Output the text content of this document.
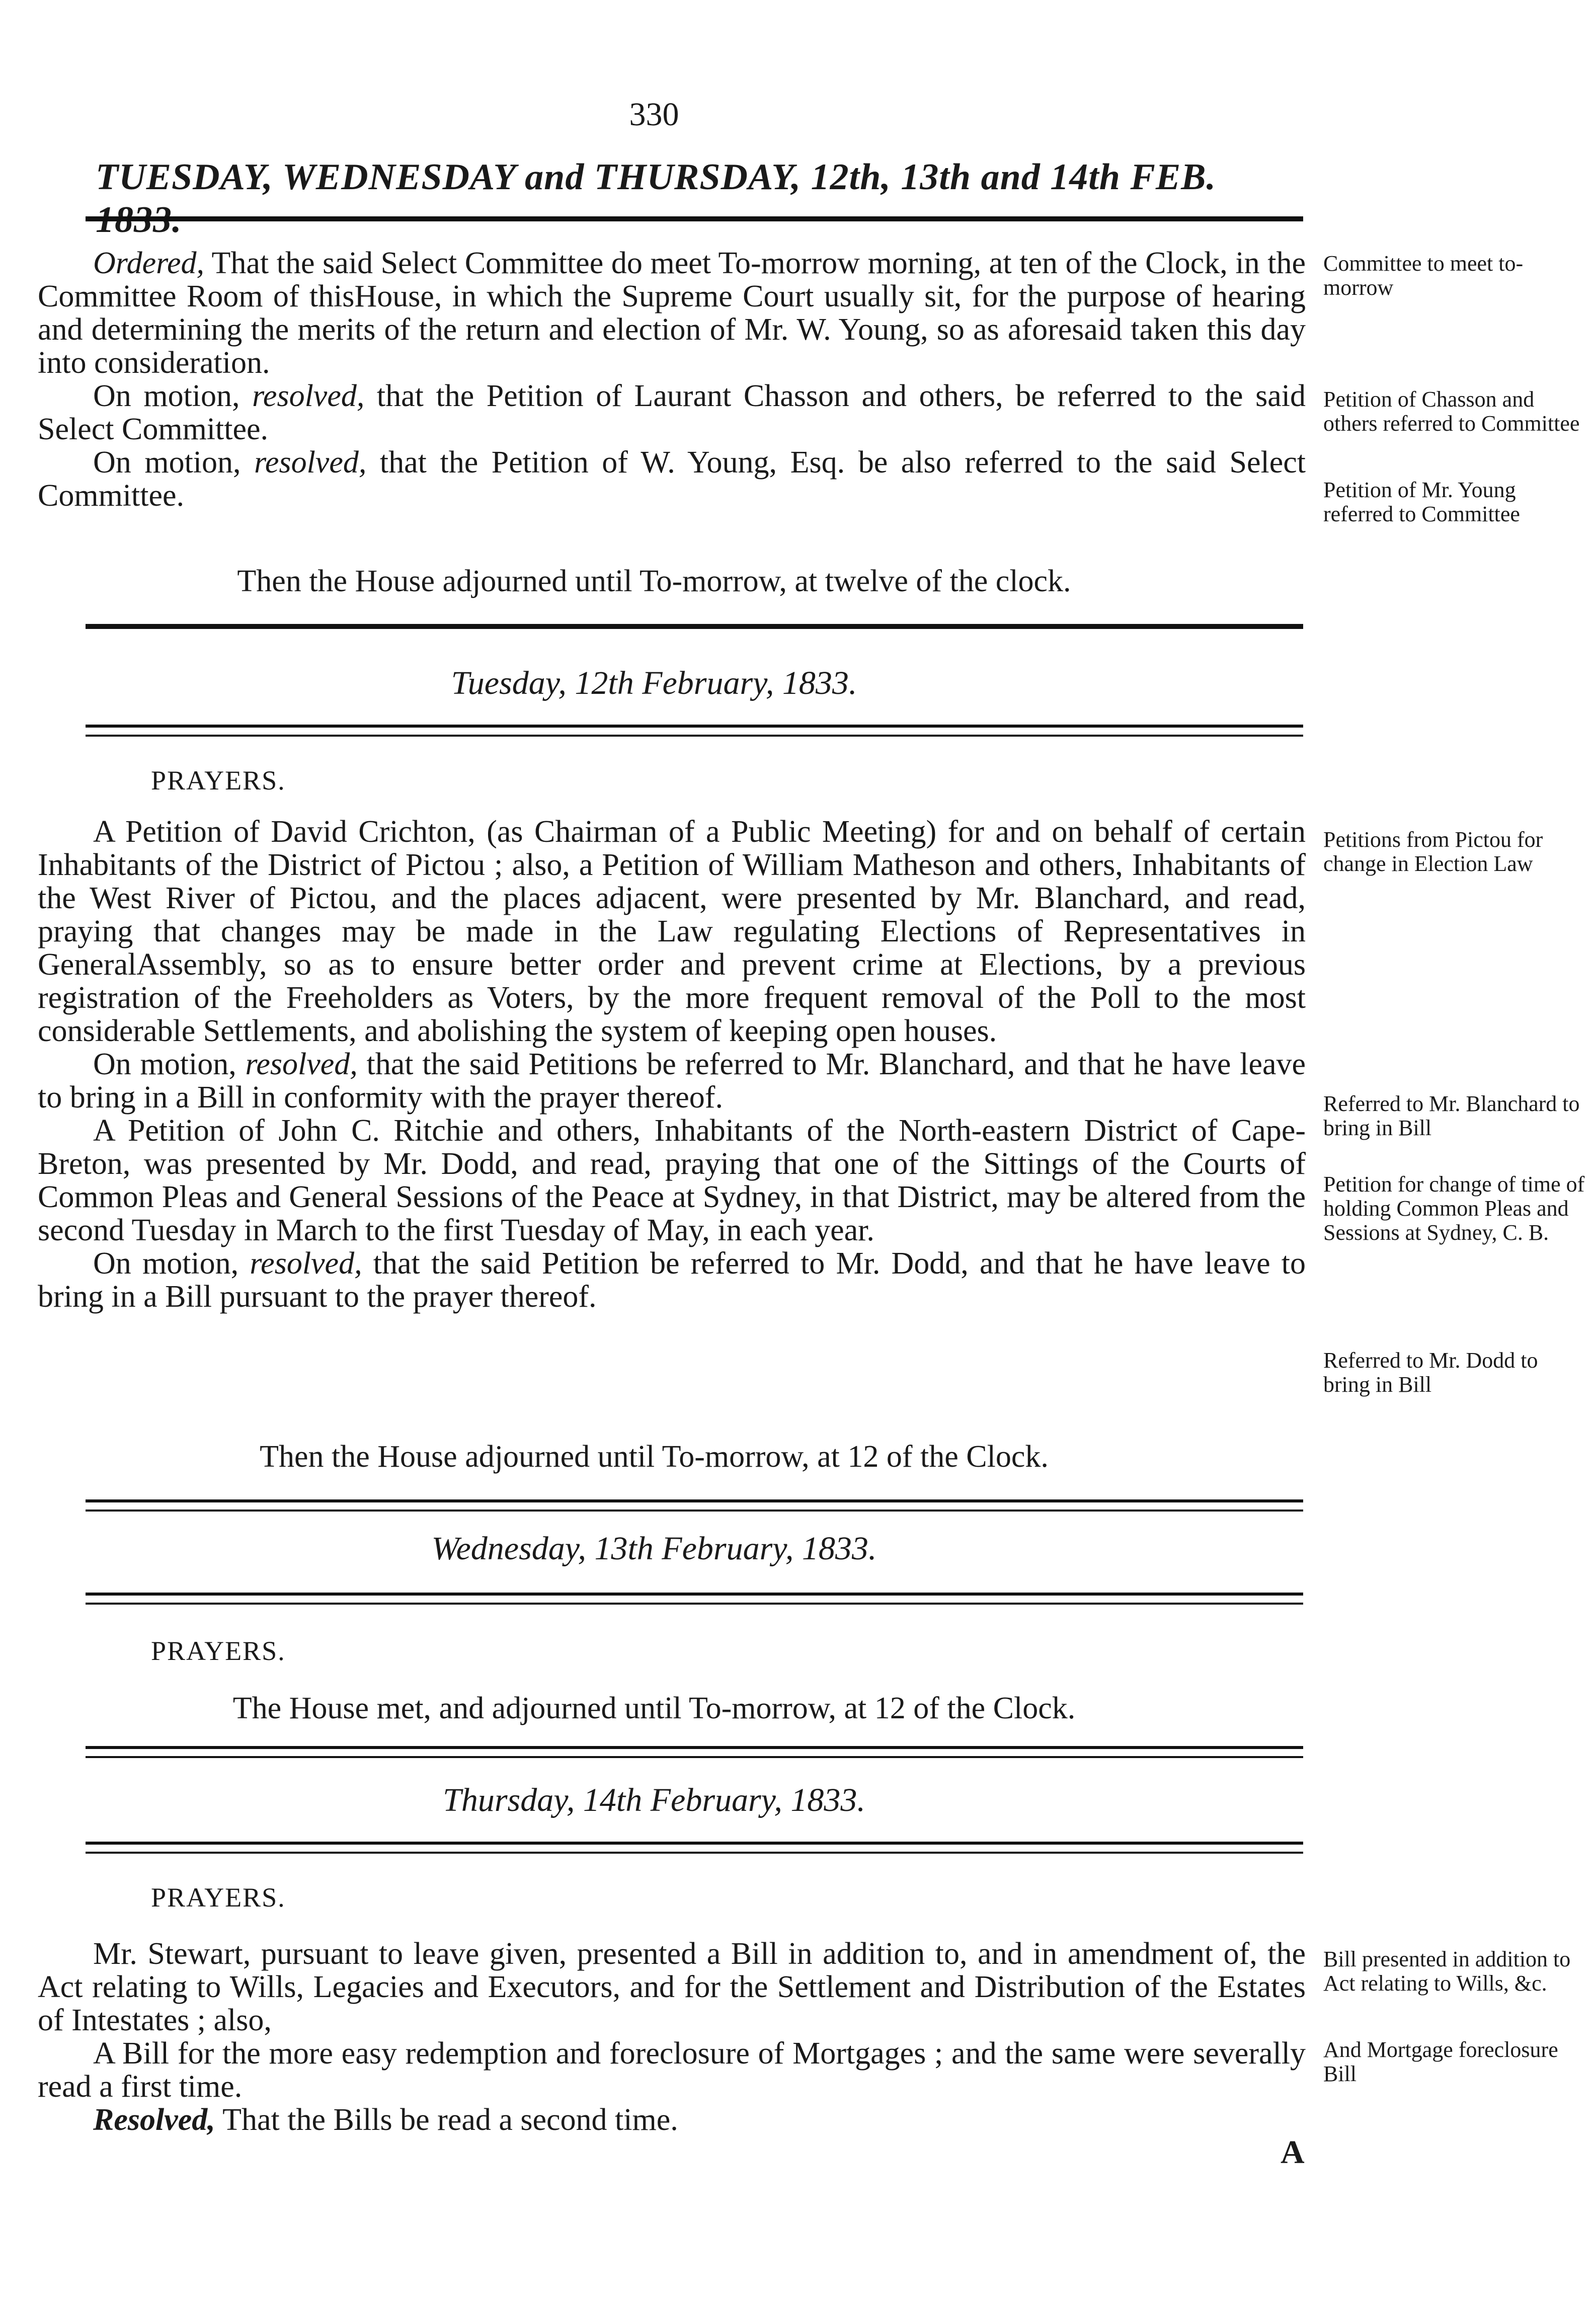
330
TUESDAY, WEDNESDAY and THURSDAY, 12th, 13th and 14th FEB. 1833.

Ordered, That the said Select Committee do meet To-morrow morning, at ten of the Clock, in the Committee Room of thisHouse, in which the Supreme Court usually sit, for the purpose of hearing and determining the merits of the return and election of Mr. W. Young, so as aforesaid taken this day into consideration.

On motion, resolved, that the Petition of Laurant Chasson and others, be referred to the said Select Committee.

On motion, resolved, that the Petition of W. Young, Esq. be also referred to the said Select Committee.

Then the House adjourned until To-morrow, at twelve of the clock.
Tuesday, 12th February, 1833.
PRAYERS.

A Petition of David Crichton, (as Chairman of a Public Meeting) for and on behalf of certain Inhabitants of the District of Pictou ; also, a Petition of William Matheson and others, Inhabitants of the West River of Pictou, and the places adjacent, were presented by Mr. Blanchard, and read, praying that changes may be made in the Law regulating Elections of Representatives in GeneralAssembly, so as to ensure better order and prevent crime at Elections, by a previous registration of the Freeholders as Voters, by the more frequent removal of the Poll to the most considerable Settlements, and abolishing the system of keeping open houses.

On motion, resolved, that the said Petitions be referred to Mr. Blanchard, and that he have leave to bring in a Bill in conformity with the prayer thereof.

A Petition of John C. Ritchie and others, Inhabitants of the North-eastern District of Cape-Breton, was presented by Mr. Dodd, and read, praying that one of the Sittings of the Courts of Common Pleas and General Sessions of the Peace at Sydney, in that District, may be altered from the second Tuesday in March to the first Tuesday of May, in each year.

On motion, resolved, that the said Petition be referred to Mr. Dodd, and that he have leave to bring in a Bill pursuant to the prayer thereof.

Then the House adjourned until To-morrow, at 12 of the Clock.
Wednesday, 13th February, 1833.
PRAYERS.
The House met, and adjourned until To-morrow, at 12 of the Clock.
Thursday, 14th February, 1833.
PRAYERS.

Mr. Stewart, pursuant to leave given, presented a Bill in addition to, and in amendment of, the Act relating to Wills, Legacies and Executors, and for the Settlement and Distribution of the Estates of Intestates ; also,

A Bill for the more easy redemption and foreclosure of Mortgages ; and the same were severally read a first time.

Resolved, That the Bills be read a second time.

A
Committee to meet to-morrow
Petition of Chasson and others referred to Committee
Petition of Mr. Young referred to Committee
Petitions from Pictou for change in Election Law
Referred to Mr. Blanchard to bring in Bill
Petition for change of time of holding Common Pleas and Sessions at Sydney, C. B.
Referred to Mr. Dodd to bring in Bill
Bill presented in addition to Act relating to Wills, &c.
And Mortgage foreclosure Bill
